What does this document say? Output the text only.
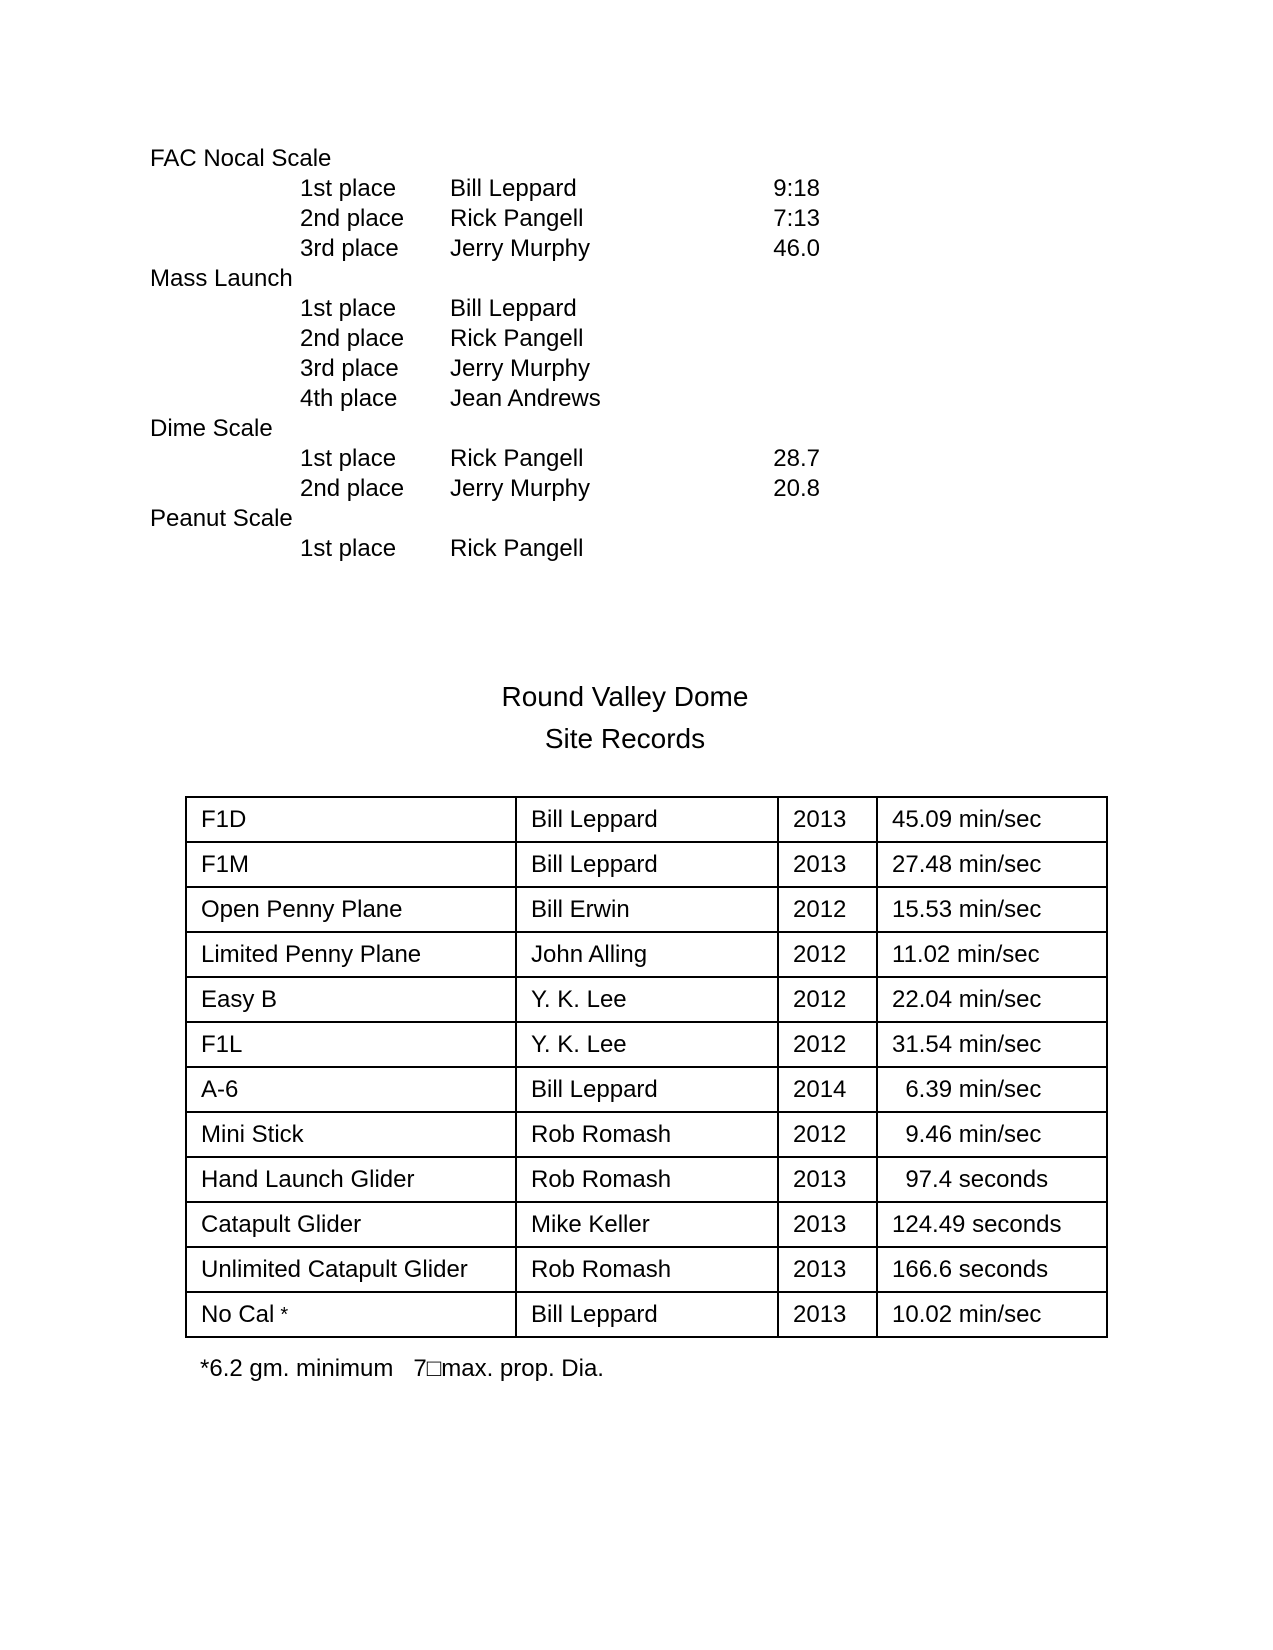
FAC Nocal Scale
1st place Bill Leppard	9:18
2nd place Rick Pangell	7:13
3rd place Jerry Murphy	46.0
Mass Launch
1st place Bill Leppard
2nd place Rick Pangell
3rd place Jerry Murphy
4th place Jean Andrews
Dime Scale
1st place Rick Pangell	28.7
2nd place Jerry Murphy	20.8
Peanut Scale
1st place Rick Pangell
Round Valley Dome
Site Records
F1D	Bill Leppard	2013	45.09 min/sec
F1M	Bill Leppard	2013	27.48 min/sec
Open Penny Plane	Bill Erwin	2012	15.53 min/sec
Limited Penny Plane	John Alling	2012	11.02 min/sec
Easy B	Y. K. Lee	2012	22.04 min/sec
F1L	Y. K. Lee	2012	31.54 min/sec
A-6	Bill Leppard	2014	6.39 min/sec
Mini Stick	Rob Romash	2012	9.46 min/sec
Hand Launch Glider	Rob Romash	2013	97.4 seconds
Catapult Glider	Mike Keller	2013	124.49 seconds
Unlimited Catapult Glider	Rob Romash	2013	166.6 seconds
No Cal *	Bill Leppard	2013	10.02 min/sec
*6.2 gm. minimum   7□max. prop. Dia.
